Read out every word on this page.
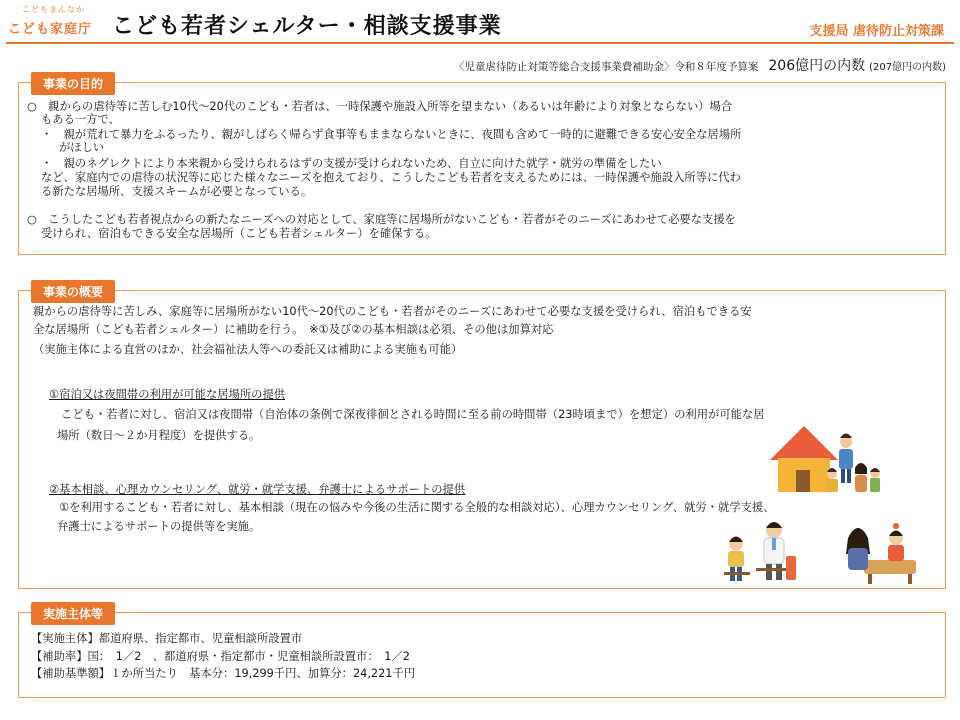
こどもまんなか
こども家庭庁 こども若者シェルター・相談支援事業	支援局 虐待防止対策課
〈児童虐待防止対策等総合支援事業費補助金〉令和８年度予算案 206億円の内数 (207億円の内数)
事業の目的
○　親からの虐待等に苦しむ10代～20代のこども・若者は、一時保護や施設入所等を望まない（あるいは年齢により対象とならない）場合
もある一方で、
・　親が荒れて暴力をふるったり、親がしばらく帰らず食事等もままならないときに、夜間も含めて一時的に避難できる安心安全な居場所
がほしい
・　親のネグレクトにより本来親から受けられるはずの支援が受けられないため、自立に向けた就学・就労の準備をしたい
など、家庭内での虐待の状況等に応じた様々なニーズを抱えており、こうしたこども若者を支えるためには、一時保護や施設入所等に代わ
る新たな居場所、支援スキームが必要となっている。
○　こうしたこども若者視点からの新たなニーズへの対応として、家庭等に居場所がないこども・若者がそのニーズにあわせて必要な支援を
受けられ、宿泊もできる安全な居場所（こども若者シェルター）を確保する。
事業の概要
親からの虐待等に苦しみ、家庭等に居場所がない10代～20代のこども・若者がそのニーズにあわせて必要な支援を受けられ、宿泊もできる安
全な居場所（こども若者シェルター）に補助を行う。　※①及び②の基本相談は必須、その他は加算対応
（実施主体による直営のほか、社会福祉法人等への委託又は補助による実施も可能）
①宿泊又は夜間帯の利用が可能な居場所の提供
こども・若者に対し、宿泊又は夜間帯（自治体の条例で深夜徘徊とされる時間に至る前の時間帯（23時頃まで）を想定）の利用が可能な居
場所（数日～２か月程度）を提供する。
②基本相談、心理カウンセリング、就労・就学支援、弁護士によるサポートの提供
①を利用するこども・若者に対し、基本相談（現在の悩みや今後の生活に関する全般的な相談対応）、心理カウンセリング、就労・就学支援、
弁護士によるサポートの提供等を実施。
実施主体等
【実施主体】都道府県、指定都市、児童相談所設置市
【補助率】国：　1／2　、都道府県・指定都市・児童相談所設置市：　1／2
【補助基準額】１か所当たり　基本分：19,299千円、加算分：24,221千円
